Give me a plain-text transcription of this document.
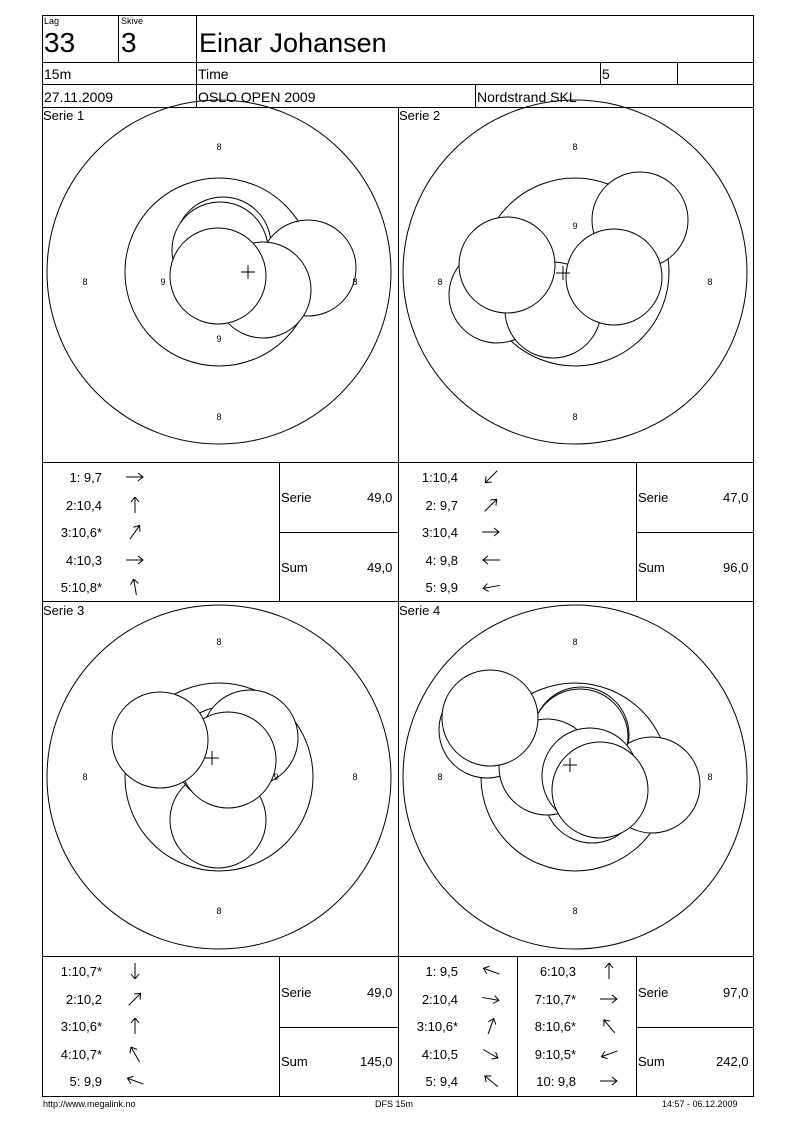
8
8
8	8
9
9
8
8
9
8	8
8
8
9
8	8
8
8
8	8
Lag
33
Skive
3 Einar Johansen
15m	Time	5
27.11.2009	OSLO OPEN 2009	Nordstrand SKL
Serie 1	Serie 2
Serie 3	Serie 4
Serie	49,0
Sum	49,0
Serie	47,0
Sum	96,0
Serie	49,0
Sum	145,0
Serie	97,0
Sum	242,0
1: 9,7
2:10,4
3:10,6*
4:10,3
5:10,8*
1:10,4
2: 9,7
3:10,4
4: 9,8
5: 9,9
1:10,7*
2:10,2
3:10,6*
4:10,7*
5: 9,9
1: 9,5
2:10,4
3:10,6*
4:10,5
5: 9,4
6:10,3
7:10,7*
8:10,6*
9:10,5*
10: 9,8
http://www.megalink.no	DFS 15m	14:57 - 06.12.2009
